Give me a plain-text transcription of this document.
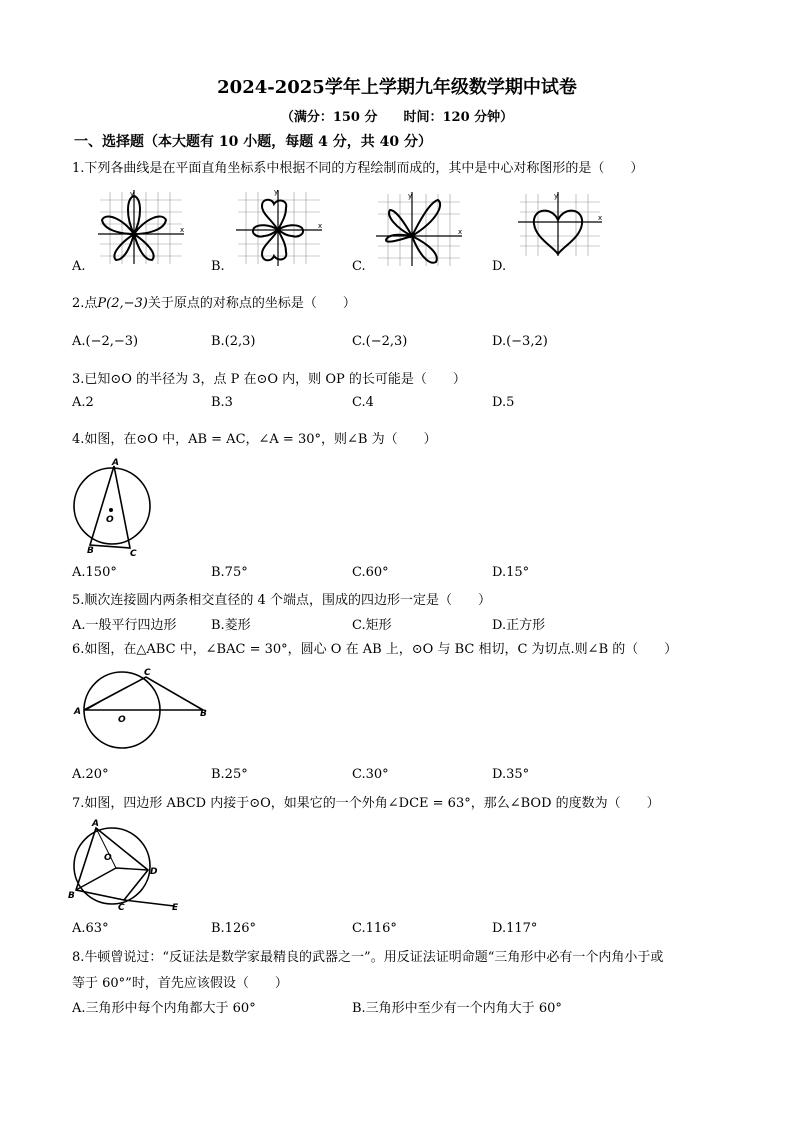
2024-2025学年上学期九年级数学期中试卷
（满分：150 分　　时间：120 分钟）
一、选择题（本大题有 10 小题，每题 4 分，共 40 分）
1.下列各曲线是在平面直角坐标系中根据不同的方程绘制而成的，其中是中心对称图形的是（　　）
y
x
A.
y
x
B.
y
x
C.
y
x
D.
2.点P(2,−3)关于原点的对称点的坐标是（　　）
A.(−2,−3)	B.(2,3)	C.(−2,3)	D.(−3,2)
3.已知⊙O 的半径为 3，点 P 在⊙O 内，则 OP 的长可能是（　　）
A.2	B.3	C.4	D.5
4.如图，在⊙O 中，AB = AC，∠A = 30°，则∠B 为（　　）
A
O
B	C
A.150°	B.75°	C.60°	D.15°
5.顺次连接圆内两条相交直径的 4 个端点，围成的四边形一定是（　　）
A.一般平行四边形	B.菱形	C.矩形	D.正方形
6.如图，在△ABC 中，∠BAC = 30°，圆心 O 在 AB 上，⊙O 与 BC 相切，C 为切点.则∠B 的（　　）
C
A
O
B
A.20°	B.25°	C.30°	D.35°
7.如图，四边形 ABCD 内接于⊙O，如果它的一个外角∠DCE = 63°，那么∠BOD 的度数为（　　）
A
O
D
B
C	E
A.63°	B.126°	C.116°	D.117°
8.牛顿曾说过：“反证法是数学家最精良的武器之一”。用反证法证明命题“三角形中必有一个内角小于或
等于 60°”时，首先应该假设（　　）
A.三角形中每个内角都大于 60°	B.三角形中至少有一个内角大于 60°
